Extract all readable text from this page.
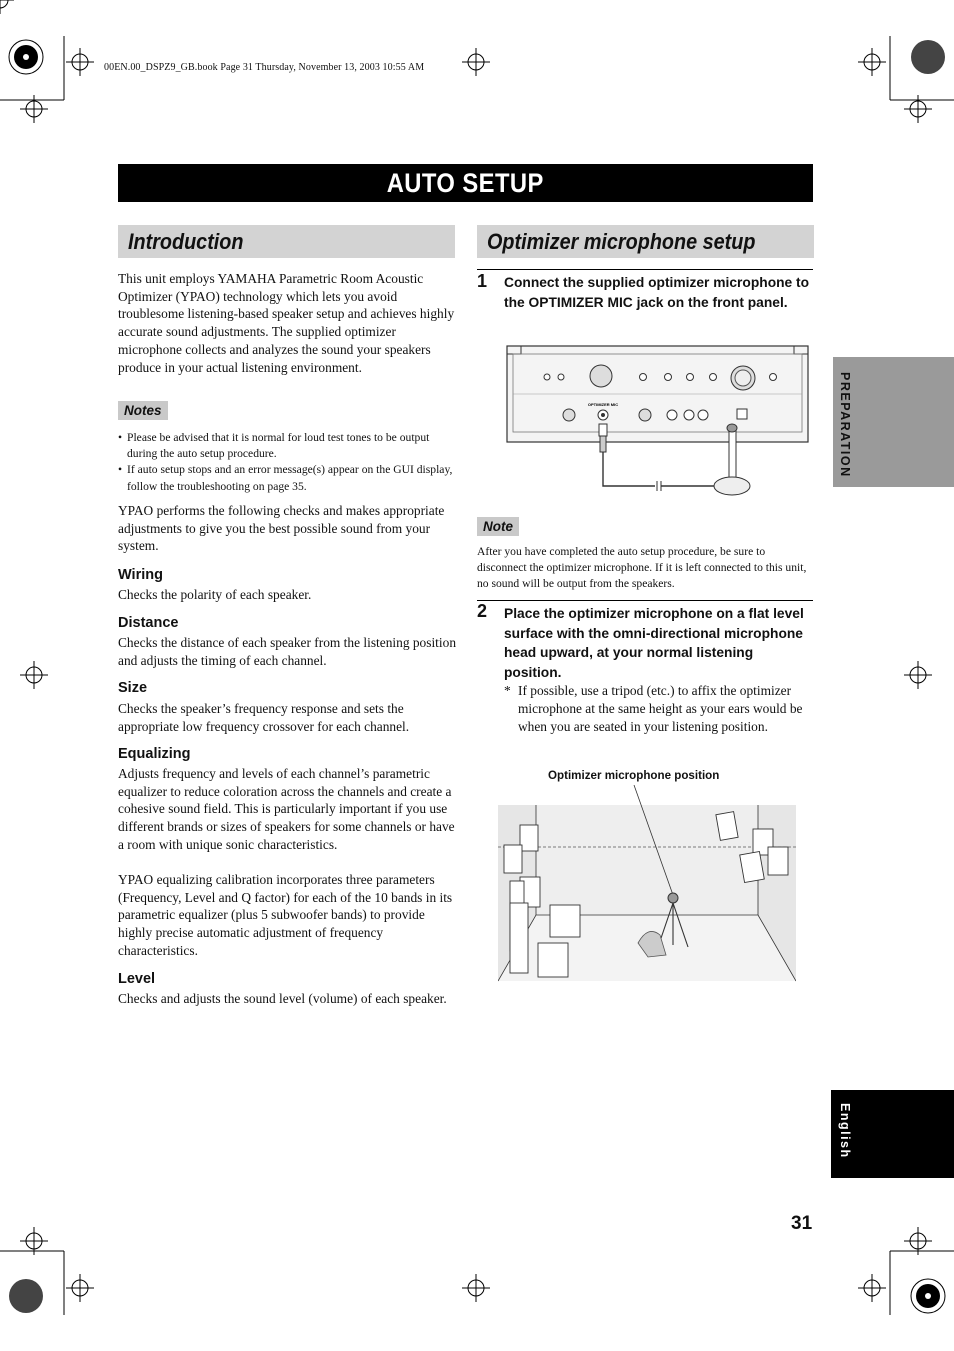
00EN.00_DSPZ9_GB.book Page 31 Thursday, November 13, 2003 10:55 AM
AUTO SETUP
Introduction
This unit employs YAMAHA Parametric Room Acoustic Optimizer (YPAO) technology which lets you avoid troublesome listening-based speaker setup and achieves highly accurate sound adjustments. The supplied optimizer microphone collects and analyzes the sound your speakers produce in your actual listening environment.
Notes
• Please be advised that it is normal for loud test tones to be output during the auto setup procedure.
• If auto setup stops and an error message(s) appear on the GUI display, follow the troubleshooting on page 35.
YPAO performs the following checks and makes appropriate adjustments to give you the best possible sound from your system.
Wiring
Checks the polarity of each speaker.
Distance
Checks the distance of each speaker from the listening position and adjusts the timing of each channel.
Size
Checks the speaker’s frequency response and sets the appropriate low frequency crossover for each channel.
Equalizing
Adjusts frequency and levels of each channel’s parametric equalizer to reduce coloration across the channels and create a cohesive sound field. This is particularly important if you use different brands or sizes of speakers for some channels or have a room with unique sonic characteristics.
YPAO equalizing calibration incorporates three parameters (Frequency, Level and Q factor) for each of the 10 bands in its parametric equalizer (plus 5 subwoofer bands) to provide highly precise automatic adjustment of frequency characteristics.
Level
Checks and adjusts the sound level (volume) of each speaker.
Optimizer microphone setup
1 Connect the supplied optimizer microphone to the OPTIMIZER MIC jack on the front panel.
OPTIMIZER MIC
Note
After you have completed the auto setup procedure, be sure to disconnect the optimizer microphone. If it is left connected to this unit, no sound will be output from the speakers.
2 Place the optimizer microphone on a flat level surface with the omni-directional microphone head upward, at your normal listening position.
* If possible, use a tripod (etc.) to affix the optimizer microphone at the same height as your ears would be when you are seated in your listening position.
Optimizer microphone position
PREPARATION
English
31
